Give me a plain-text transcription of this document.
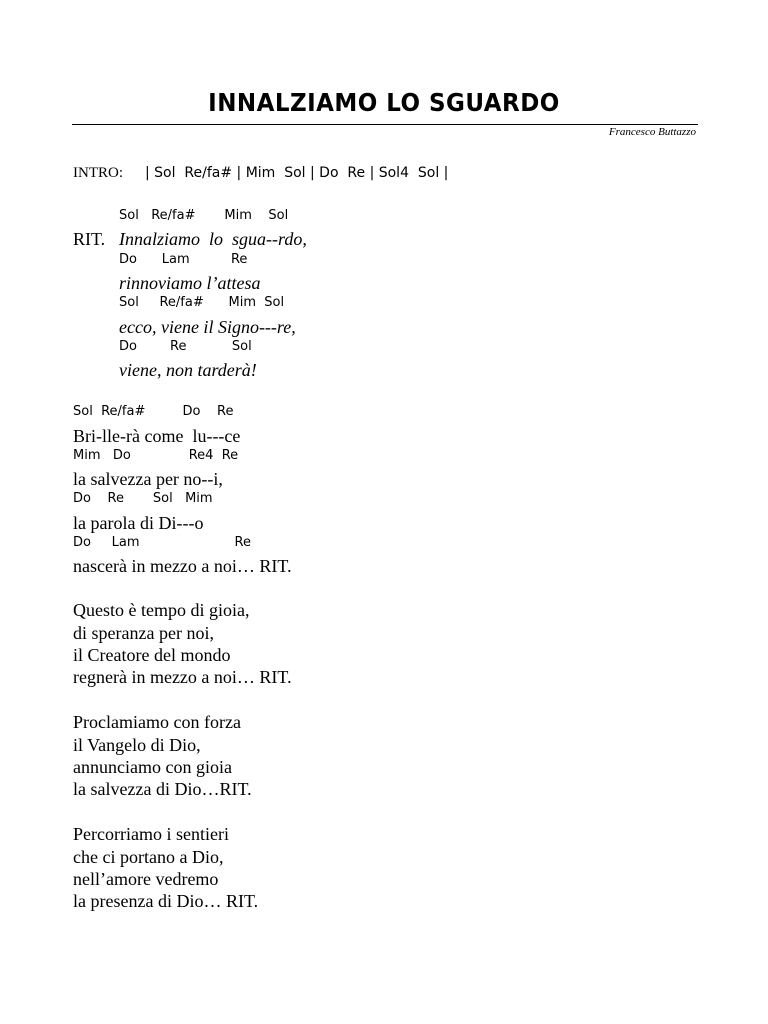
INNALZIAMO LO SGUARDO
Francesco Buttazzo
INTRO: | Sol  Re/fa# | Mim  Sol | Do  Re | Sol4  Sol |
Sol   Re/fa#       Mim    Sol
RIT. Innalziamo  lo  sgua--rdo,
Do      Lam          Re
rinnoviamo l’attesa
Sol     Re/fa#      Mim  Sol
ecco, viene il Signo---re,
Do        Re           Sol
viene, non tarderà!
Sol  Re/fa#         Do    Re
Bri-lle-rà come  lu---ce
Mim   Do              Re4  Re
la salvezza per no--i,
Do    Re       Sol   Mim
la parola di Di---o
Do     Lam                       Re
nascerà in mezzo a noi… RIT.
Questo è tempo di gioia,
di speranza per noi,
il Creatore del mondo
regnerà in mezzo a noi… RIT.
Proclamiamo con forza
il Vangelo di Dio,
annunciamo con gioia
la salvezza di Dio…RIT.
Percorriamo i sentieri
che ci portano a Dio,
nell’amore vedremo
la presenza di Dio… RIT.
